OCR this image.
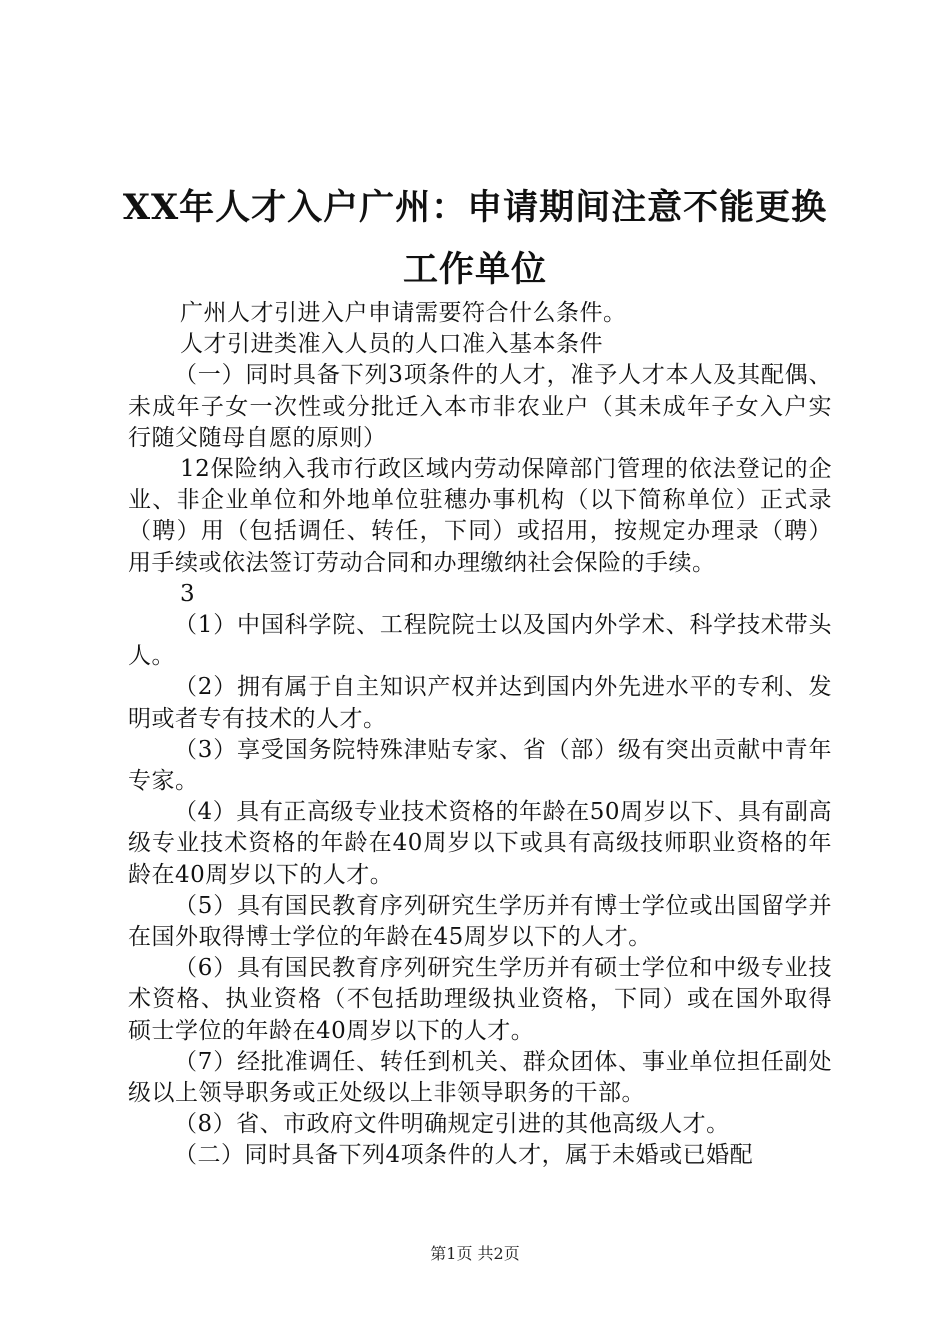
XX年人才入户广州：申请期间注意不能更换
工作单位

广州人才引进入户申请需要符合什么条件。

人才引进类准入人员的人口准入基本条件

（一）同时具备下列3项条件的人才，准予人才本人及其配偶、未成年子女一次性或分批迁入本市非农业户（其未成年子女入户实行随父随母自愿的原则）

12保险纳入我市行政区域内劳动保障部门管理的依法登记的企业、非企业单位和外地单位驻穗办事机构（以下简称单位）正式录（聘）用（包括调任、转任，下同）或招用，按规定办理录（聘）用手续或依法签订劳动合同和办理缴纳社会保险的手续。

3

（1）中国科学院、工程院院士以及国内外学术、科学技术带头人。

（2）拥有属于自主知识产权并达到国内外先进水平的专利、发明或者专有技术的人才。

（3）享受国务院特殊津贴专家、省（部）级有突出贡献中青年专家。

（4）具有正高级专业技术资格的年龄在50周岁以下、具有副高级专业技术资格的年龄在40周岁以下或具有高级技师职业资格的年龄在40周岁以下的人才。

（5）具有国民教育序列研究生学历并有博士学位或出国留学并在国外取得博士学位的年龄在45周岁以下的人才。

（6）具有国民教育序列研究生学历并有硕士学位和中级专业技术资格、执业资格（不包括助理级执业资格，下同）或在国外取得硕士学位的年龄在40周岁以下的人才。

（7）经批准调任、转任到机关、群众团体、事业单位担任副处级以上领导职务或正处级以上非领导职务的干部。

（8）省、市政府文件明确规定引进的其他高级人才。

（二）同时具备下列4项条件的人才，属于未婚或已婚配

第1页 共2页
